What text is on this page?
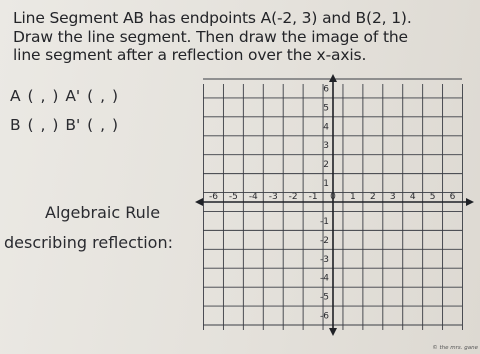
Line Segment AB has endpoints A(-2, 3) and B(2, 1).
Draw the line segment. Then draw the image of the
line segment after a reflection over the x-axis.
A ( , ) A' ( , )
B ( , ) B' ( , )
Algebraic Rule
describing reflection:
-6 -5 -4 -3 -2 -1 0 1 2 3 4 5 6
6
5
4
3
2
1
-1
-2
-3
-4
-5
-6
© the mrs. gane
